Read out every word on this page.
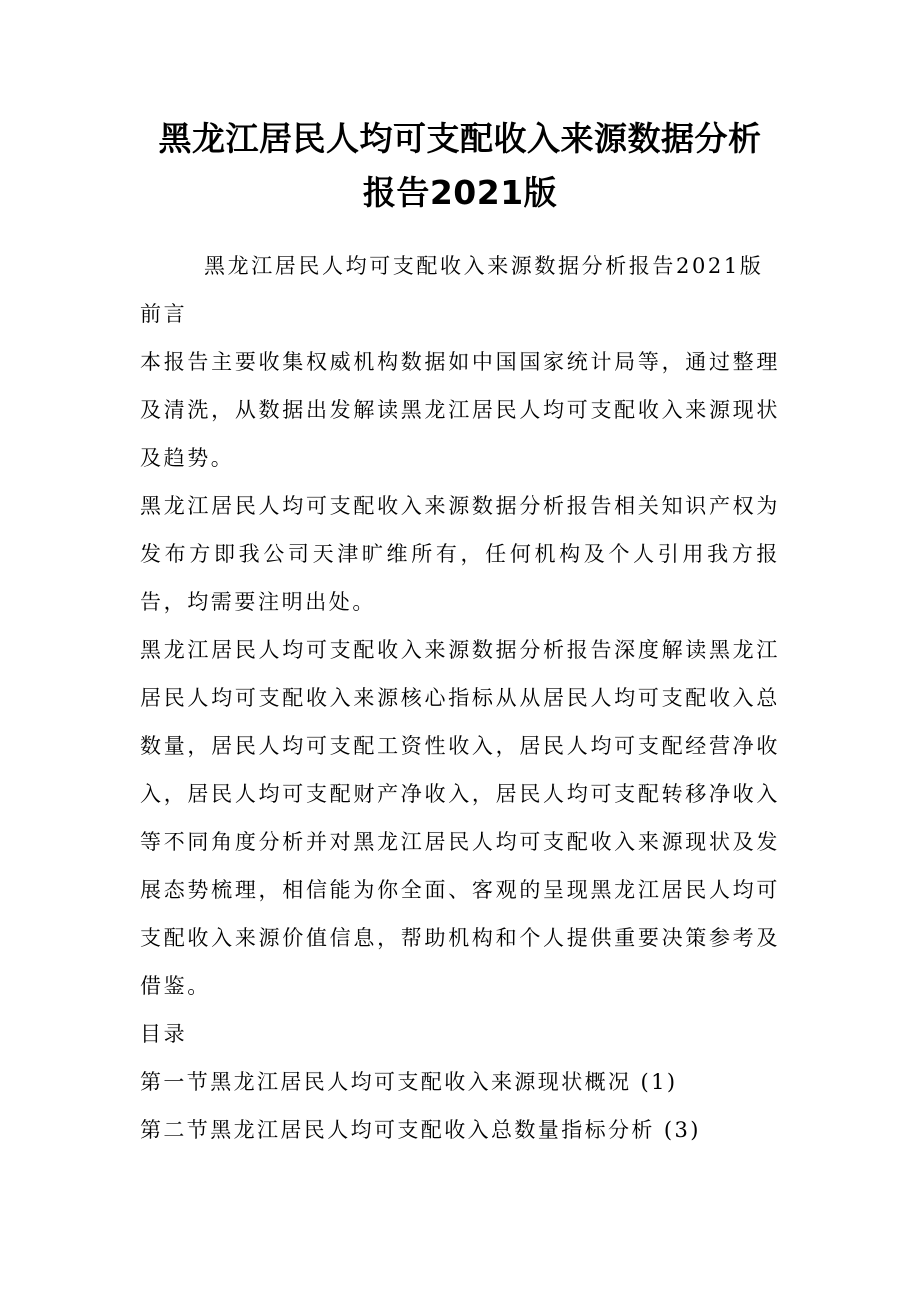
黑龙江居民人均可支配收入来源数据分析
报告2021版

黑龙江居民人均可支配收入来源数据分析报告2021版

前言

本报告主要收集权威机构数据如中国国家统计局等，通过整理及清洗，从数据出发解读黑龙江居民人均可支配收入来源现状及趋势。

黑龙江居民人均可支配收入来源数据分析报告相关知识产权为发布方即我公司天津旷维所有，任何机构及个人引用我方报告，均需要注明出处。

黑龙江居民人均可支配收入来源数据分析报告深度解读黑龙江居民人均可支配收入来源核心指标从从居民人均可支配收入总数量，居民人均可支配工资性收入，居民人均可支配经营净收入，居民人均可支配财产净收入，居民人均可支配转移净收入等不同角度分析并对黑龙江居民人均可支配收入来源现状及发展态势梳理，相信能为你全面、客观的呈现黑龙江居民人均可支配收入来源价值信息，帮助机构和个人提供重要决策参考及借鉴。

目录

第一节黑龙江居民人均可支配收入来源现状概况 (1)

第二节黑龙江居民人均可支配收入总数量指标分析 (3)
